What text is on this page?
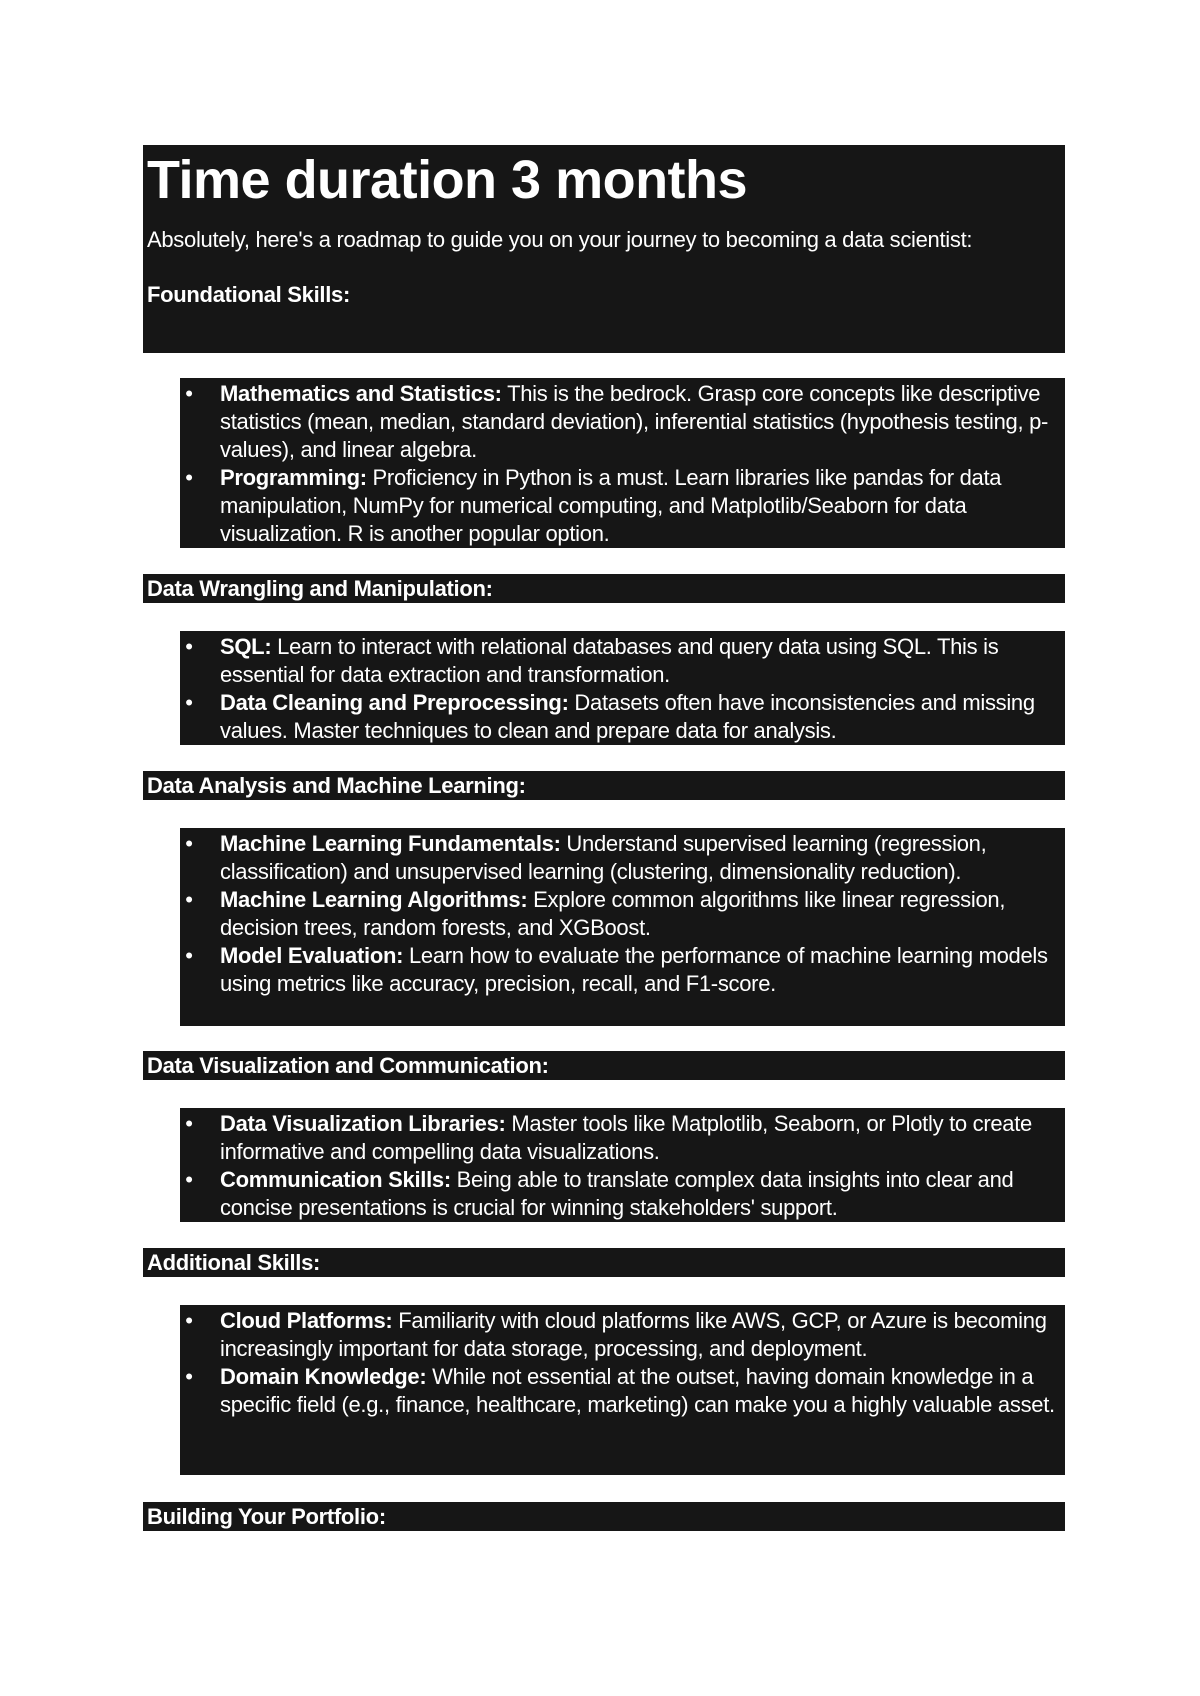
Time duration 3 months

Absolutely, here's a roadmap to guide you on your journey to becoming a data scientist:

Foundational Skills:
• Mathematics and Statistics: This is the bedrock. Grasp core concepts like descriptive statistics (mean, median, standard deviation), inferential statistics (hypothesis testing, p-values), and linear algebra.
• Programming: Proficiency in Python is a must. Learn libraries like pandas for data manipulation, NumPy for numerical computing, and Matplotlib/Seaborn for data visualization. R is another popular option.
Data Wrangling and Manipulation:
• SQL: Learn to interact with relational databases and query data using SQL. This is essential for data extraction and transformation.
• Data Cleaning and Preprocessing: Datasets often have inconsistencies and missing values. Master techniques to clean and prepare data for analysis.
Data Analysis and Machine Learning:
• Machine Learning Fundamentals: Understand supervised learning (regression, classification) and unsupervised learning (clustering, dimensionality reduction).
• Machine Learning Algorithms: Explore common algorithms like linear regression, decision trees, random forests, and XGBoost.
• Model Evaluation: Learn how to evaluate the performance of machine learning models using metrics like accuracy, precision, recall, and F1-score.
Data Visualization and Communication:
• Data Visualization Libraries: Master tools like Matplotlib, Seaborn, or Plotly to create informative and compelling data visualizations.
• Communication Skills: Being able to translate complex data insights into clear and concise presentations is crucial for winning stakeholders' support.
Additional Skills:
• Cloud Platforms: Familiarity with cloud platforms like AWS, GCP, or Azure is becoming increasingly important for data storage, processing, and deployment.
• Domain Knowledge: While not essential at the outset, having domain knowledge in a specific field (e.g., finance, healthcare, marketing) can make you a highly valuable asset.
Building Your Portfolio:
